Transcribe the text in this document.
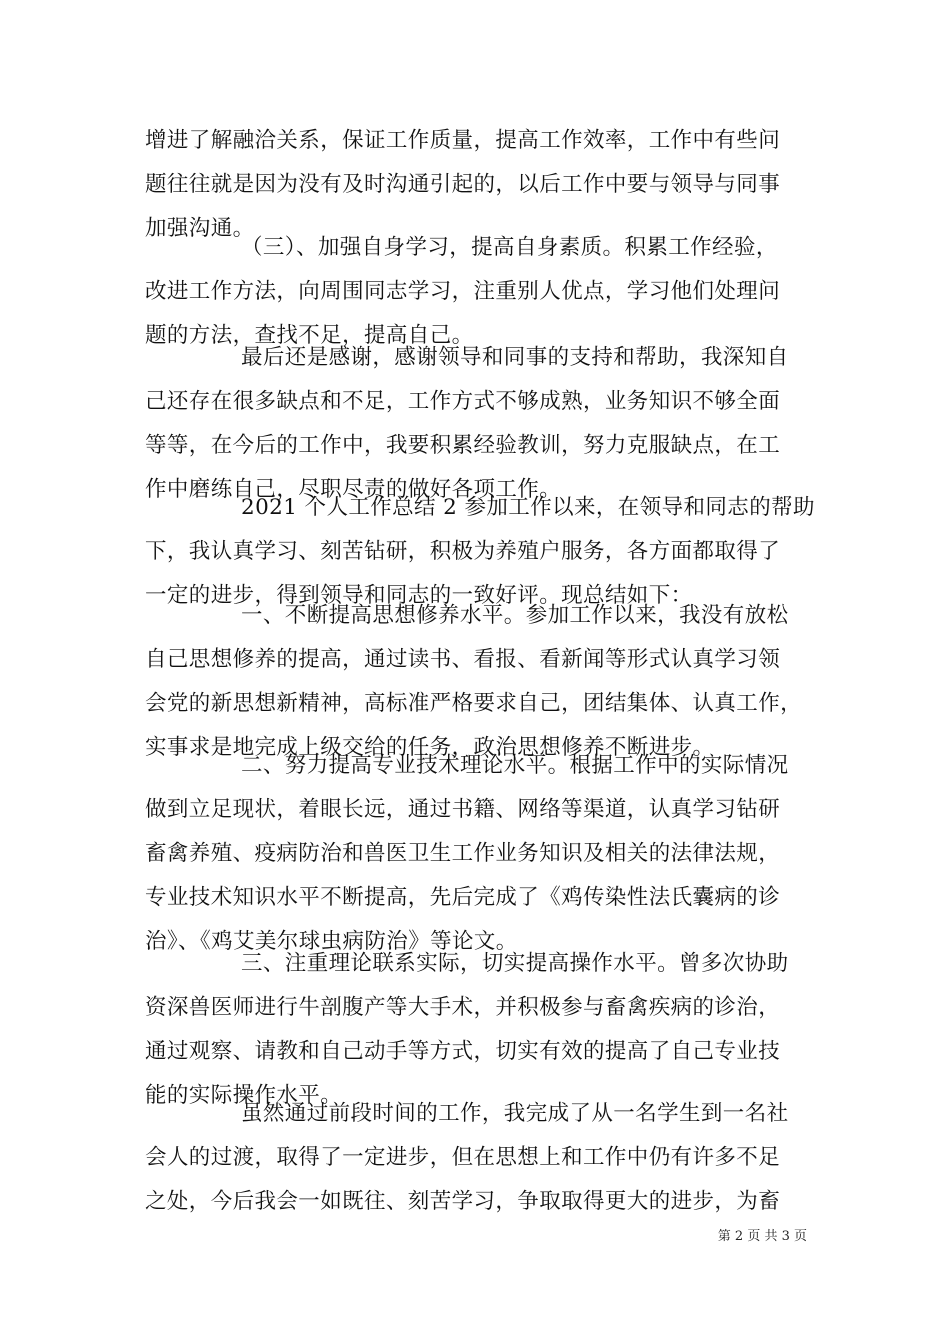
增进了解融洽关系，保证工作质量，提高工作效率，工作中有些问
题往往就是因为没有及时沟通引起的，以后工作中要与领导与同事
加强沟通。
（三）、加强自身学习，提高自身素质。积累工作经验，
改进工作方法，向周围同志学习，注重别人优点，学习他们处理问
题的方法，查找不足，提高自己。
最后还是感谢，感谢领导和同事的支持和帮助，我深知自
己还存在很多缺点和不足，工作方式不够成熟，业务知识不够全面
等等，在今后的工作中，我要积累经验教训，努力克服缺点，在工
作中磨练自己，尽职尽责的做好各项工作。
2021 个人工作总结 2 参加工作以来，在领导和同志的帮助
下，我认真学习、刻苦钻研，积极为养殖户服务，各方面都取得了
一定的进步，得到领导和同志的一致好评。现总结如下：
一、不断提高思想修养水平。参加工作以来，我没有放松
自己思想修养的提高，通过读书、看报、看新闻等形式认真学习领
会党的新思想新精神，高标准严格要求自己，团结集体、认真工作，
实事求是地完成上级交给的任务，政治思想修养不断进步。
二、努力提高专业技术理论水平。根据工作中的实际情况
做到立足现状，着眼长远，通过书籍、网络等渠道，认真学习钻研
畜禽养殖、疫病防治和兽医卫生工作业务知识及相关的法律法规，
专业技术知识水平不断提高，先后完成了《鸡传染性法氏囊病的诊
治》、《鸡艾美尔球虫病防治》等论文。
三、注重理论联系实际，切实提高操作水平。曾多次协助
资深兽医师进行牛剖腹产等大手术，并积极参与畜禽疾病的诊治，
通过观察、请教和自己动手等方式，切实有效的提高了自己专业技
能的实际操作水平。
虽然通过前段时间的工作，我完成了从一名学生到一名社
会人的过渡，取得了一定进步，但在思想上和工作中仍有许多不足
之处，今后我会一如既往、刻苦学习，争取取得更大的进步，为畜
第 2 页 共 3 页
